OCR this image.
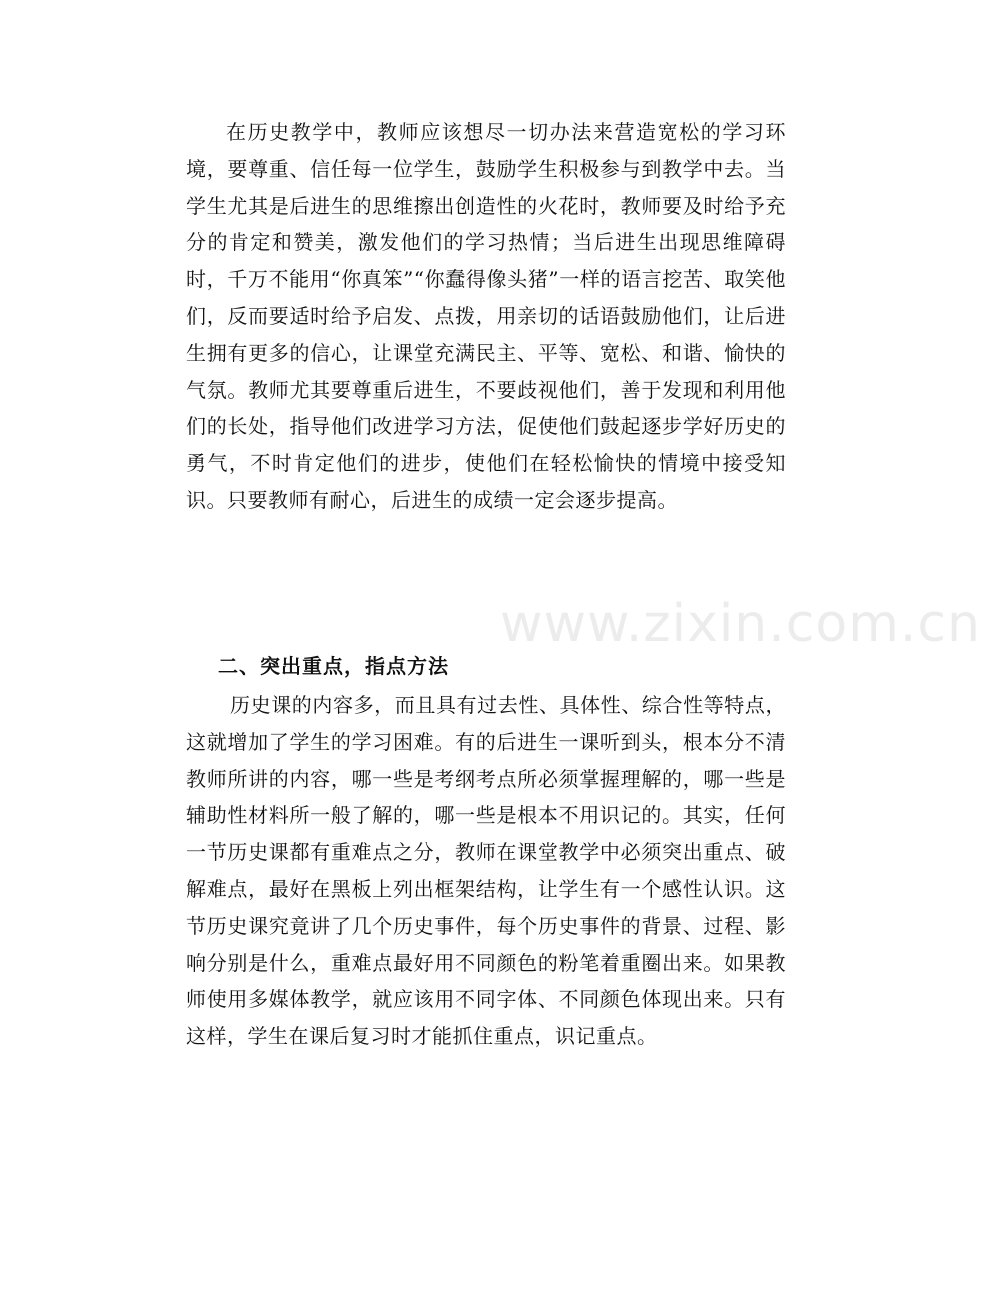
在历史教学中，教师应该想尽一切办法来营造宽松的学习环境，要尊重、信任每一位学生，鼓励学生积极参与到教学中去。当学生尤其是后进生的思维擦出创造性的火花时，教师要及时给予充分的肯定和赞美，激发他们的学习热情；当后进生出现思维障碍时，千万不能用“你真笨”“你蠢得像头猪”一样的语言挖苦、取笑他们，反而要适时给予启发、点拨，用亲切的话语鼓励他们，让后进生拥有更多的信心，让课堂充满民主、平等、宽松、和谐、愉快的气氛。教师尤其要尊重后进生，不要歧视他们，善于发现和利用他们的长处，指导他们改进学习方法，促使他们鼓起逐步学好历史的勇气，不时肯定他们的进步，使他们在轻松愉快的情境中接受知识。只要教师有耐心，后进生的成绩一定会逐步提高。

二、突出重点，指点方法

历史课的内容多，而且具有过去性、具体性、综合性等特点，这就增加了学生的学习困难。有的后进生一课听到头，根本分不清教师所讲的内容，哪一些是考纲考点所必须掌握理解的，哪一些是辅助性材料所一般了解的，哪一些是根本不用识记的。其实，任何一节历史课都有重难点之分，教师在课堂教学中必须突出重点、破解难点，最好在黑板上列出框架结构，让学生有一个感性认识。这节历史课究竟讲了几个历史事件，每个历史事件的背景、过程、影响分别是什么，重难点最好用不同颜色的粉笔着重圈出来。如果教师使用多媒体教学，就应该用不同字体、不同颜色体现出来。只有这样，学生在课后复习时才能抓住重点，识记重点。

www.zixin.com.cn
